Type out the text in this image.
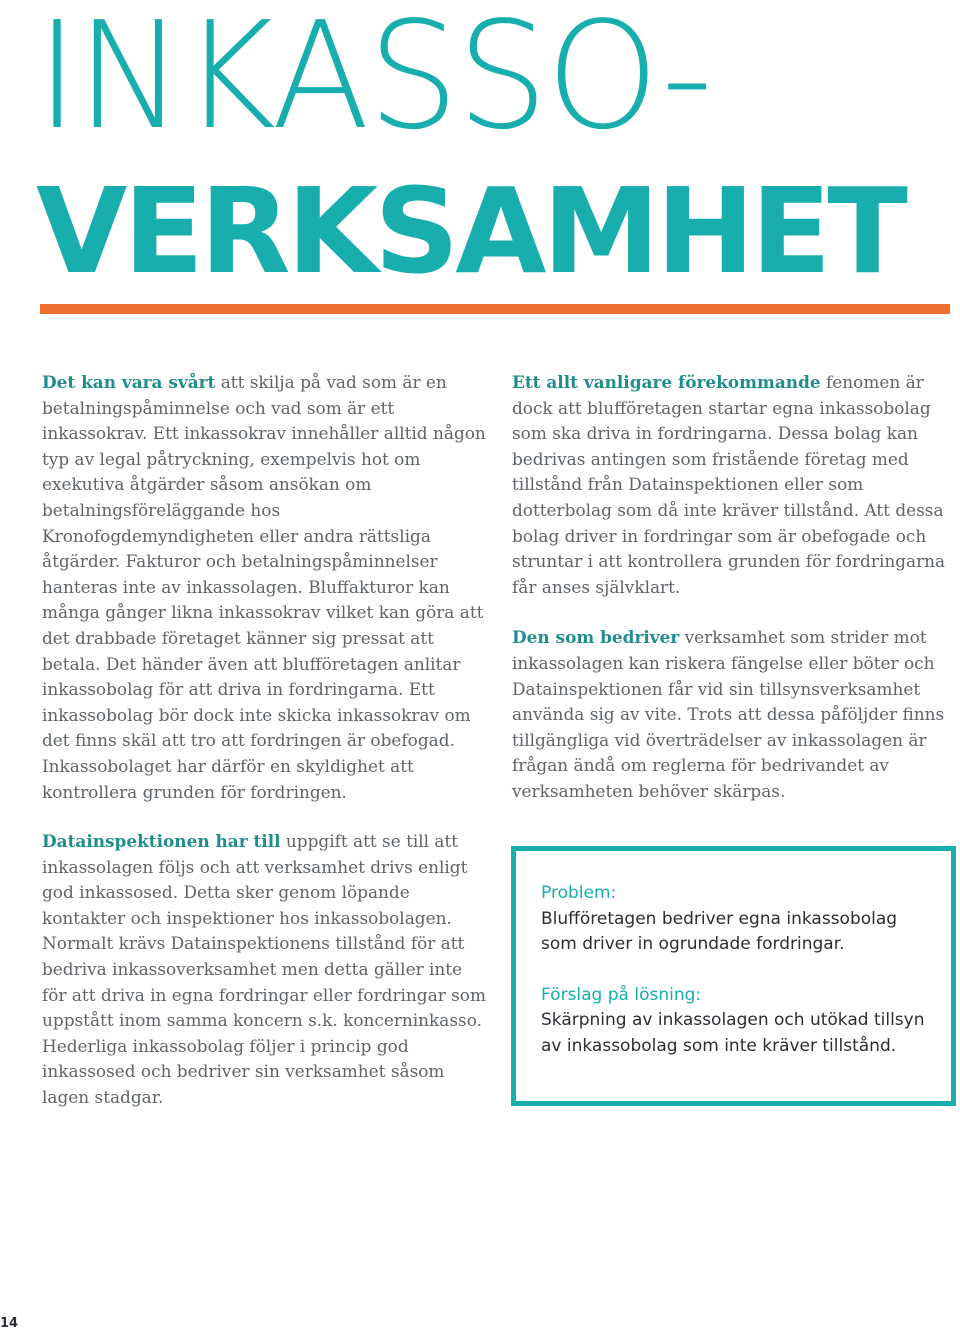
INKASSO-
VERKSAMHET

Det kan vara svårt att skilja på vad som är en betalningspåminnelse och vad som är ett inkassokrav. Ett inkassokrav innehåller alltid någon typ av legal påtryckning, exempelvis hot om exekutiva åtgärder såsom ansökan om betalningsföreläggande hos Kronofogdemyndigheten eller andra rättsliga åtgärder. Fakturor och betalningspåminnelser hanteras inte av inkassolagen. Bluffakturor kan många gånger likna inkassokrav vilket kan göra att det drabbade företaget känner sig pressat att betala. Det händer även att blufföretagen anlitar inkassobolag för att driva in fordringarna. Ett inkassobolag bör dock inte skicka inkassokrav om det finns skäl att tro att fordringen är obefogad. Inkassobolaget har därför en skyldighet att kontrollera grunden för fordringen.

Datainspektionen har till uppgift att se till att inkassolagen följs och att verksamhet drivs enligt god inkassosed. Detta sker genom löpande kontakter och inspektioner hos inkassobolagen. Normalt krävs Datainspektionens tillstånd för att bedriva inkassoverksamhet men detta gäller inte för att driva in egna fordringar eller fordringar som uppstått inom samma koncern s.k. koncerninkasso. Hederliga inkassobolag följer i princip god inkassosed och bedriver sin verksamhet såsom lagen stadgar.

Ett allt vanligare förekommande fenomen är dock att blufföretagen startar egna inkassobolag som ska driva in fordringarna. Dessa bolag kan bedrivas antingen som fristående företag med tillstånd från Datainspektionen eller som dotterbolag som då inte kräver tillstånd. Att dessa bolag driver in fordringar som är obefogade och struntar i att kontrollera grunden för fordringarna får anses självklart.

Den som bedriver verksamhet som strider mot inkassolagen kan riskera fängelse eller böter och Datainspektionen får vid sin tillsynsverksamhet använda sig av vite. Trots att dessa påföljder finns tillgängliga vid överträdelser av inkassolagen är frågan ändå om reglerna för bedrivandet av verksamheten behöver skärpas.

Problem:

Blufföretagen bedriver egna inkassobolag som driver in ogrundade fordringar.

Förslag på lösning:

Skärpning av inkassolagen och utökad tillsyn av inkassobolag som inte kräver tillstånd.

14
